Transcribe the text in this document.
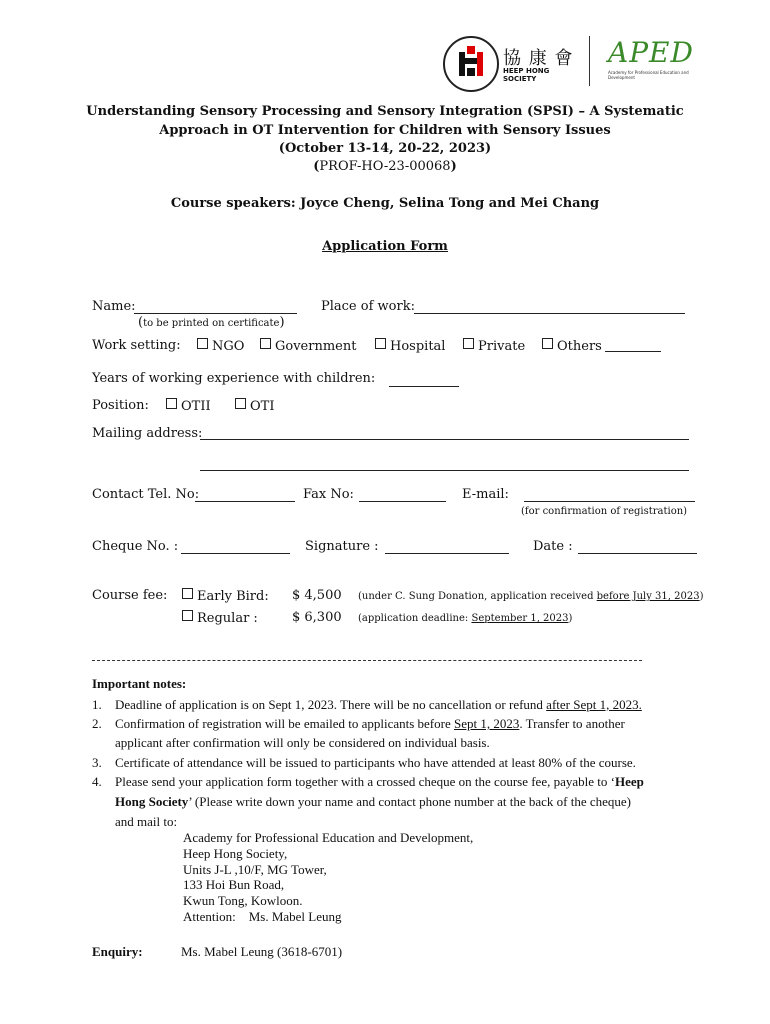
協 康 會
HEEP HONG SOCIETY
APED
Academy for Professional Education and Development
Understanding Sensory Processing and Sensory Integration (SPSI) – A Systematic
Approach in OT Intervention for Children with Sensory Issues
(October 13-14, 20-22, 2023)
(PROF-HO-23-00068)
Course speakers: Joyce Cheng, Selina Tong and Mei Chang
Application Form
Name:	Place of work:
(to be printed on certificate)
Work setting:	NGO	Government	Hospital	Private	Others
Years of working experience with children:
Position:	OTII	OTI
Mailing address:
Contact Tel. No:	Fax No:	E-mail:
(for confirmation of registration)
Cheque No. :	Signature :	Date :
Course fee:	Early Bird: $ 4,500 (under C. Sung Donation, application received before July 31, 2023)
Regular :	$ 6,300 (application deadline: September 1, 2023)
Important notes:
1. Deadline of application is on Sept 1, 2023. There will be no cancellation or refund after Sept 1, 2023.
2. Confirmation of registration will be emailed to applicants before Sept 1, 2023. Transfer to another
applicant after confirmation will only be considered on individual basis.
3. Certificate of attendance will be issued to participants who have attended at least 80% of the course.
4. Please send your application form together with a crossed cheque on the course fee, payable to ‘Heep
Hong Society’ (Please write down your name and contact phone number at the back of the cheque)
and mail to:
Academy for Professional Education and Development,
Heep Hong Society,
Units J-L ,10/F, MG Tower,
133 Hoi Bun Road,
Kwun Tong, Kowloon.
Attention:    Ms. Mabel Leung
Enquiry:	Ms. Mabel Leung (3618-6701)
